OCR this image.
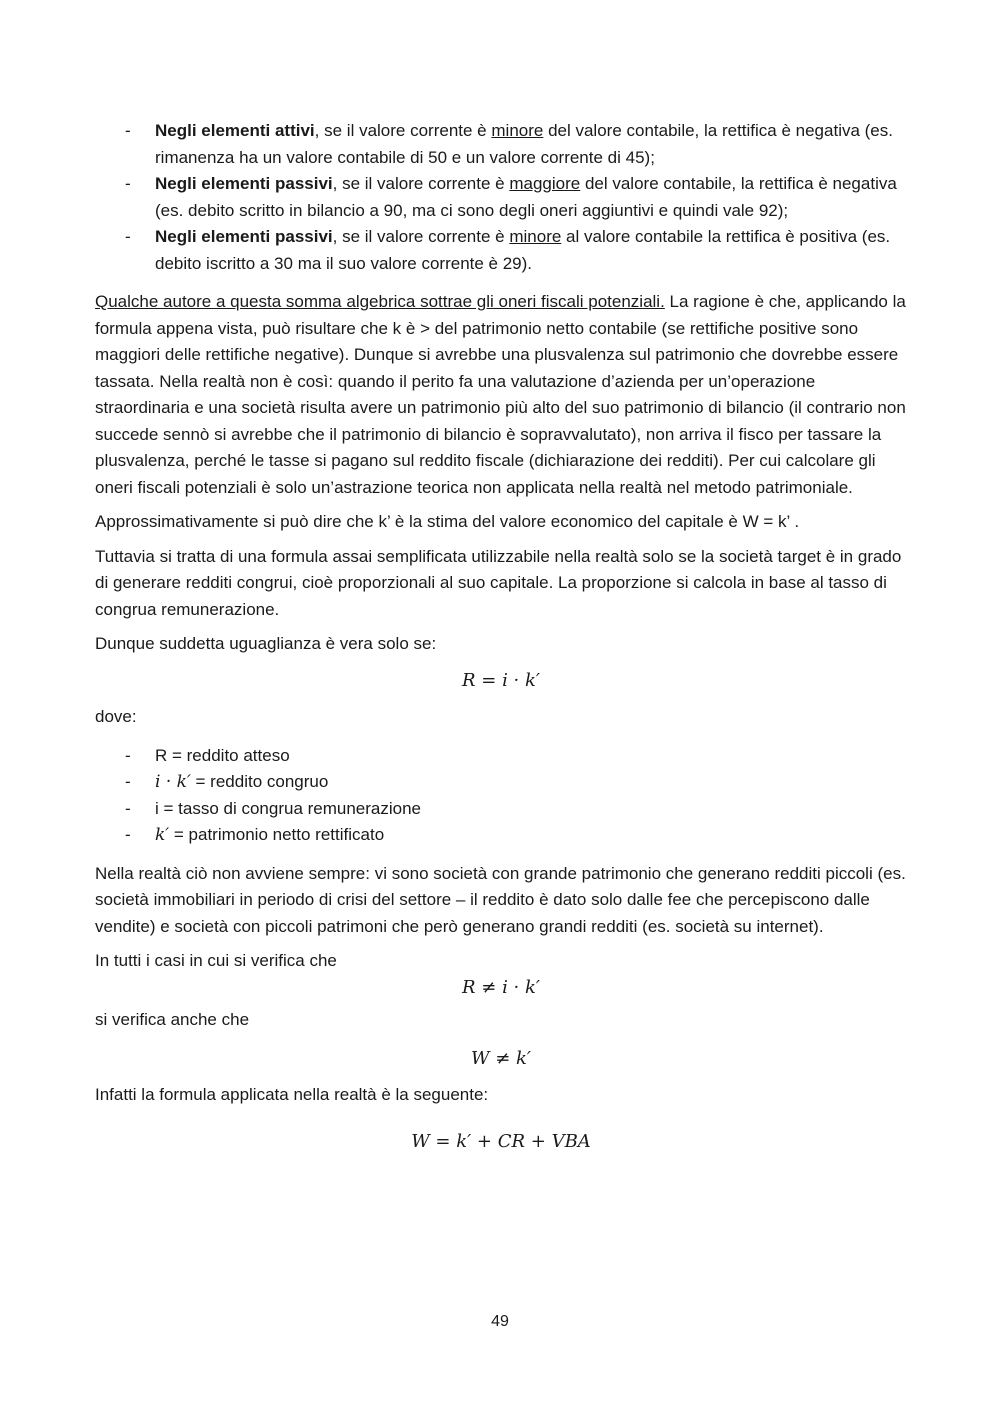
- Negli elementi attivi, se il valore corrente è minore del valore contabile, la rettifica è negativa (es. rimanenza ha un valore contabile di 50 e un valore corrente di 45);
- Negli elementi passivi, se il valore corrente è maggiore del valore contabile, la rettifica è negativa (es. debito scritto in bilancio a 90, ma ci sono degli oneri aggiuntivi e quindi vale 92);
- Negli elementi passivi, se il valore corrente è minore al valore contabile la rettifica è positiva (es. debito iscritto a 30 ma il suo valore corrente è 29).

Qualche autore a questa somma algebrica sottrae gli oneri fiscali potenziali. La ragione è che, applicando la formula appena vista, può risultare che k è > del patrimonio netto contabile (se rettifiche positive sono maggiori delle rettifiche negative). Dunque si avrebbe una plusvalenza sul patrimonio che dovrebbe essere tassata. Nella realtà non è così: quando il perito fa una valutazione d’azienda per un’operazione straordinaria e una società risulta avere un patrimonio più alto del suo patrimonio di bilancio (il contrario non succede sennò si avrebbe che il patrimonio di bilancio è sopravvalutato), non arriva il fisco per tassare la plusvalenza, perché le tasse si pagano sul reddito fiscale (dichiarazione dei redditi). Per cui calcolare gli oneri fiscali potenziali è solo un’astrazione teorica non applicata nella realtà nel metodo patrimoniale.

Approssimativamente si può dire che k’ è la stima del valore economico del capitale è W = k’ .

Tuttavia si tratta di una formula assai semplificata utilizzabile nella realtà solo se la società target è in grado di generare redditi congrui, cioè proporzionali al suo capitale. La proporzione si calcola in base al tasso di congrua remunerazione.

Dunque suddetta uguaglianza è vera solo se:

R = i · k′

dove:

- R = reddito atteso
- i · k′ = reddito congruo
- i = tasso di congrua remunerazione
- k′ = patrimonio netto rettificato

Nella realtà ciò non avviene sempre: vi sono società con grande patrimonio che generano redditi piccoli (es. società immobiliari in periodo di crisi del settore – il reddito è dato solo dalle fee che percepiscono dalle vendite) e società con piccoli patrimoni che però generano grandi redditi (es. società su internet).

In tutti i casi in cui si verifica che

R ≠ i · k′

si verifica anche che

W ≠ k′

Infatti la formula applicata nella realtà è la seguente:

W = k′ + CR + VBA
49
